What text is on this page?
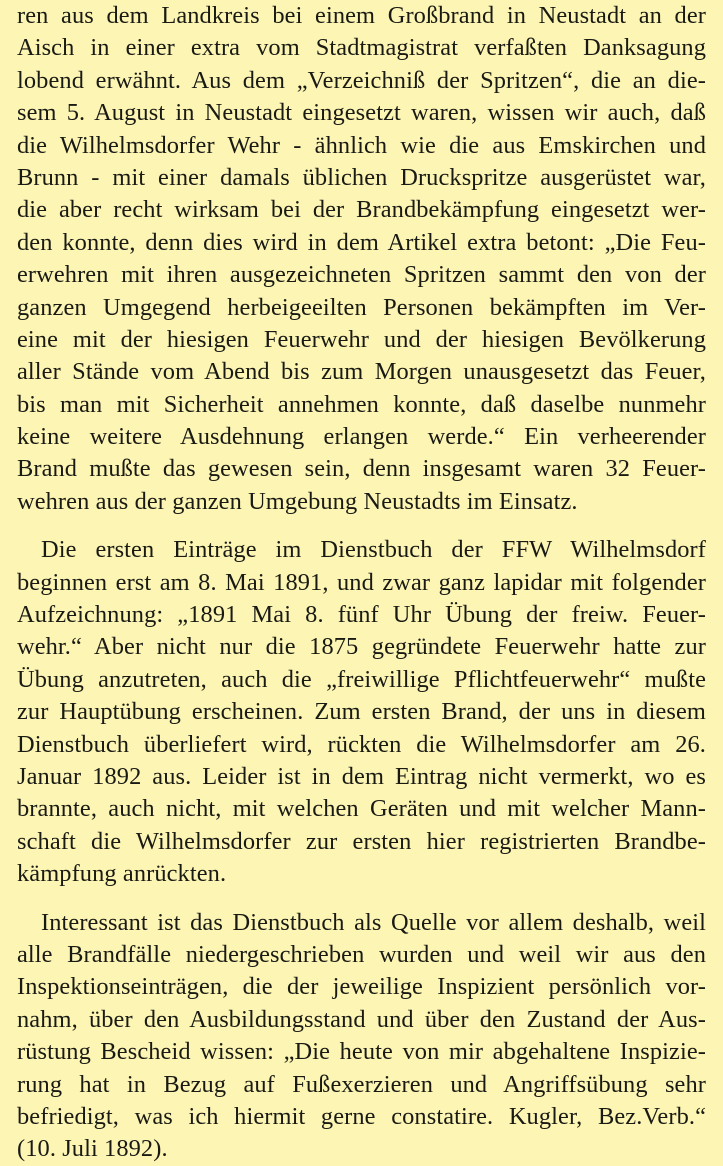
ren aus dem Landkreis bei einem Großbrand in Neustadt an der
Aisch in einer extra vom Stadtmagistrat verfaßten Danksagung
lobend erwähnt. Aus dem „Verzeichniß der Spritzen“, die an die-
sem 5. August in Neustadt eingesetzt waren, wissen wir auch, daß
die Wilhelmsdorfer Wehr - ähnlich wie die aus Emskirchen und
Brunn - mit einer damals üblichen Druckspritze ausgerüstet war,
die aber recht wirksam bei der Brandbekämpfung eingesetzt wer-
den konnte, denn dies wird in dem Artikel extra betont: „Die Feu-
erwehren mit ihren ausgezeichneten Spritzen sammt den von der
ganzen Umgegend herbeigeeilten Personen bekämpften im Ver-
eine mit der hiesigen Feuerwehr und der hiesigen Bevölkerung
aller Stände vom Abend bis zum Morgen unausgesetzt das Feuer,
bis man mit Sicherheit annehmen konnte, daß daselbe nunmehr
keine weitere Ausdehnung erlangen werde.“ Ein verheerender
Brand mußte das gewesen sein, denn insgesamt waren 32 Feuer-
wehren aus der ganzen Umgebung Neustadts im Einsatz.
Die ersten Einträge im Dienstbuch der FFW Wilhelmsdorf
beginnen erst am 8. Mai 1891, und zwar ganz lapidar mit folgender
Aufzeichnung: „1891 Mai 8. fünf Uhr Übung der freiw. Feuer-
wehr.“ Aber nicht nur die 1875 gegründete Feuerwehr hatte zur
Übung anzutreten, auch die „freiwillige Pflichtfeuerwehr“ mußte
zur Hauptübung erscheinen. Zum ersten Brand, der uns in diesem
Dienstbuch überliefert wird, rückten die Wilhelmsdorfer am 26.
Januar 1892 aus. Leider ist in dem Eintrag nicht vermerkt, wo es
brannte, auch nicht, mit welchen Geräten und mit welcher Mann-
schaft die Wilhelmsdorfer zur ersten hier registrierten Brandbe-
kämpfung anrückten.
Interessant ist das Dienstbuch als Quelle vor allem deshalb, weil
alle Brandfälle niedergeschrieben wurden und weil wir aus den
Inspektionseinträgen, die der jeweilige Inspizient persönlich vor-
nahm, über den Ausbildungsstand und über den Zustand der Aus-
rüstung Bescheid wissen: „Die heute von mir abgehaltene Inspizie-
rung hat in Bezug auf Fußexerzieren und Angriffsübung sehr
befriedigt, was ich hiermit gerne constatire. Kugler, Bez.Verb.“
(10. Juli 1892).
